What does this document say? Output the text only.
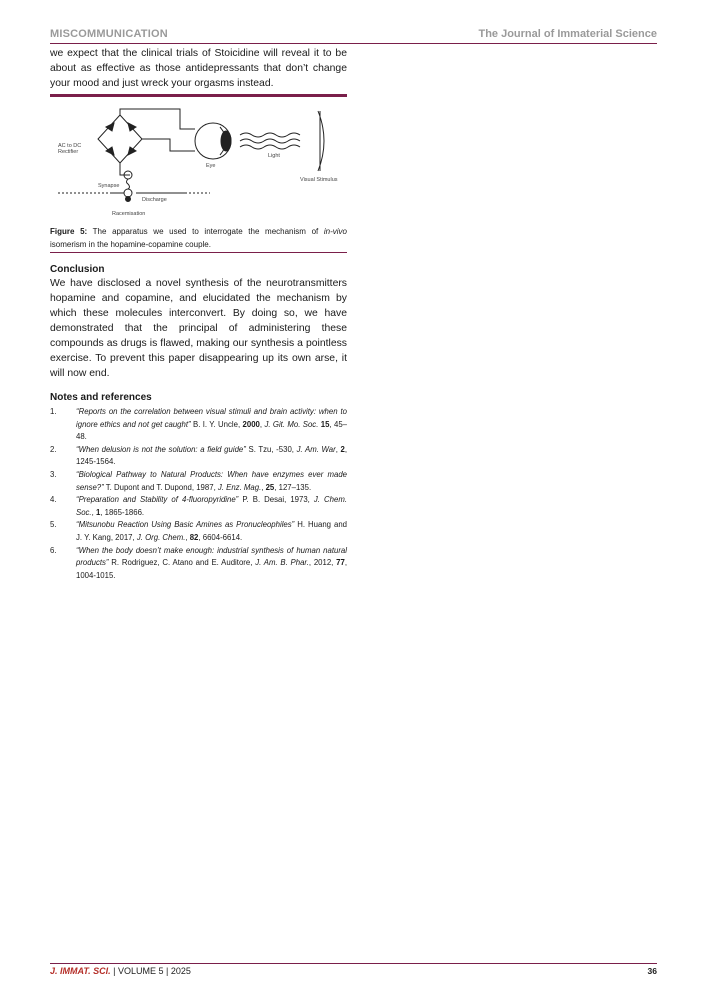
MISCOMMUNICATION	The Journal of Immaterial Science

we expect that the clinical trials of Stoicidine will reveal it to be about as effective as those antidepressants that don’t change your mood and just wreck your orgasms instead.

AC to DC
Rectifier
Eye
Light
Visual Stimulus
Synapse
Discharge
Racemisation
Figure 5: The apparatus we used to interrogate the mechanism of in-vivo isomerism in the hopamine-copamine couple.
Conclusion

We have disclosed a novel synthesis of the neurotransmitters hopamine and copamine, and elucidated the mechanism by which these molecules interconvert. By doing so, we have demonstrated that the principal of administering these compounds as drugs is flawed, making our synthesis a pointless exercise. To prevent this paper disappearing up its own arse, it will now end.

Notes and references
1. “Reports on the correlation between visual stimuli and brain activity: when to ignore ethics and not get caught” B. I. Y. Uncle, 2000, J. Git. Mo. Soc. 15, 45–48.
2. “When delusion is not the solution: a field guide” S. Tzu, -530, J. Am. War, 2, 1245-1564.
3. “Biological Pathway to Natural Products: When have enzymes ever made sense?” T. Dupont and T. Dupond, 1987, J. Enz. Mag., 25, 127–135.
4. “Preparation and Stability of 4-fluoropyridine” P. B. Desai, 1973, J. Chem. Soc., 1, 1865-1866.
5. “Mitsunobu Reaction Using Basic Amines as Pronucleophiles” H. Huang and J. Y. Kang, 2017, J. Org. Chem., 82, 6604-6614.
6. “When the body doesn’t make enough: industrial synthesis of human natural products” R. Rodriguez, C. Atano and E. Auditore, J. Am. B. Phar., 2012, 77, 1004-1015.
J. IMMAT. SCI. | VOLUME 5 | 2025	36
